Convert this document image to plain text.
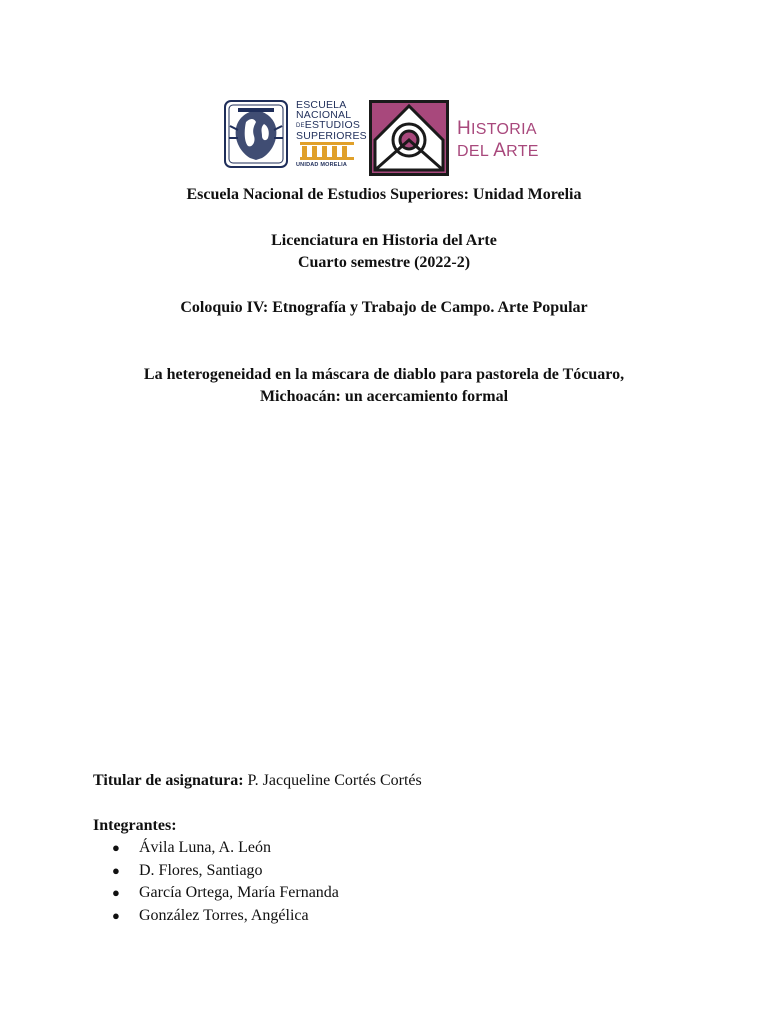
ESCUELA
NACIONAL
DEESTUDIOS
SUPERIORES
UNIDAD MORELIA
HISTORIA
DEL ARTE
Escuela Nacional de Estudios Superiores: Unidad Morelia
Licenciatura en Historia del Arte
Cuarto semestre (2022-2)
Coloquio IV: Etnografía y Trabajo de Campo. Arte Popular
La heterogeneidad en la máscara de diablo para pastorela de Tócuaro,
Michoacán: un acercamiento formal
Titular de asignatura: P. Jacqueline Cortés Cortés
Integrantes:
● Ávila Luna, A. León
● D. Flores, Santiago
● García Ortega, María Fernanda
● González Torres, Angélica
